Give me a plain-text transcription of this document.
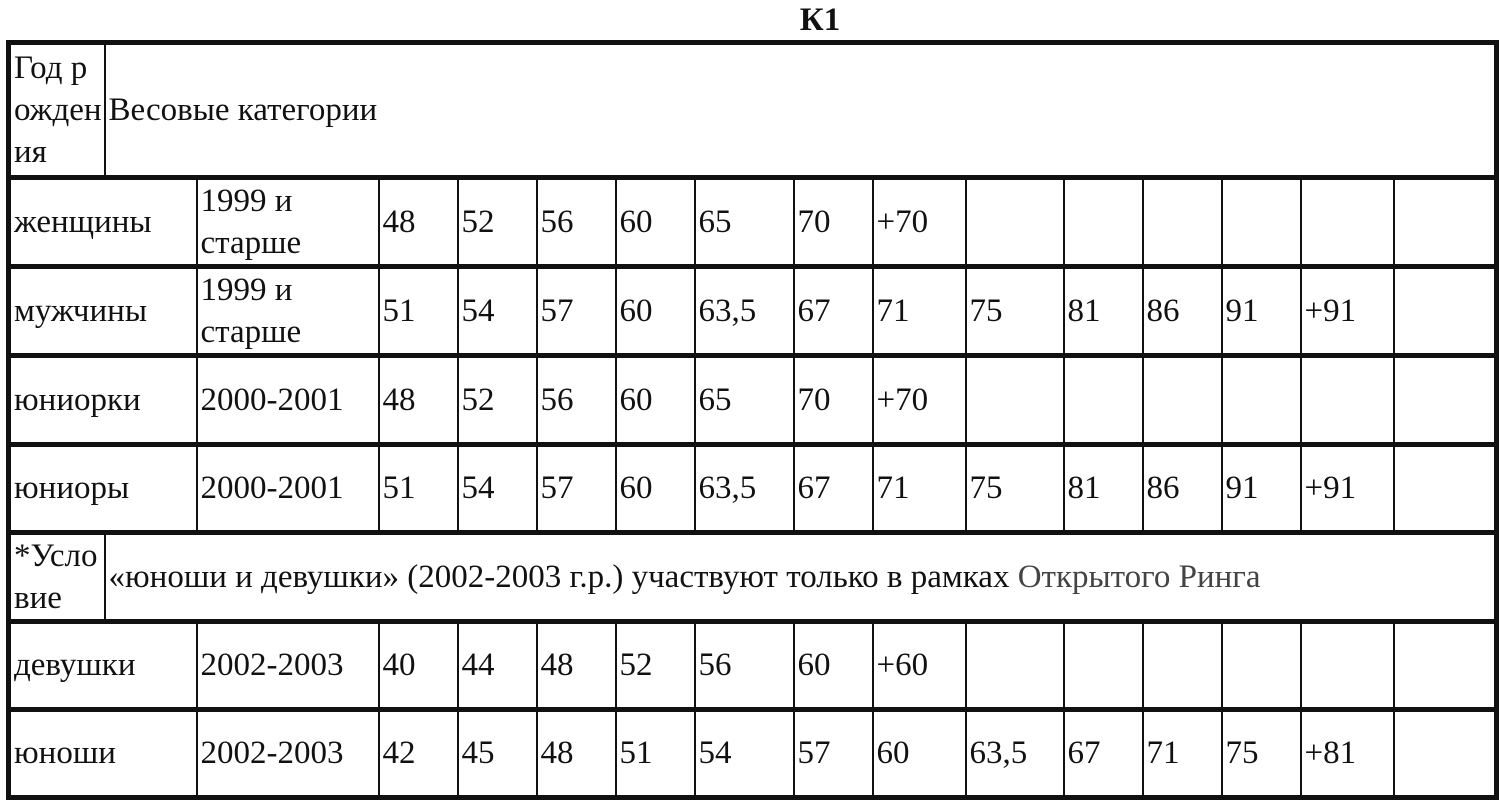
К1
Год рождения	Весовые категории														
женщины		1999 и старше	48	52	56	60	65	70	+70						
мужчины		1999 и старше	51	54	57	60	63,5	67	71	75	81	86	91	+91	
юниорки		2000-2001	48	52	56	60	65	70	+70						
юниоры		2000-2001	51	54	57	60	63,5	67	71	75	81	86	91	+91	
*Условие	«юноши и девушки» (2002-2003 г.р.) участвуют только в рамках Открытого Ринга														
девушки		2002-2003	40	44	48	52	56	60	+60						
юноши		2002-2003	42	45	48	51	54	57	60	63,5	67	71	75	+81	
